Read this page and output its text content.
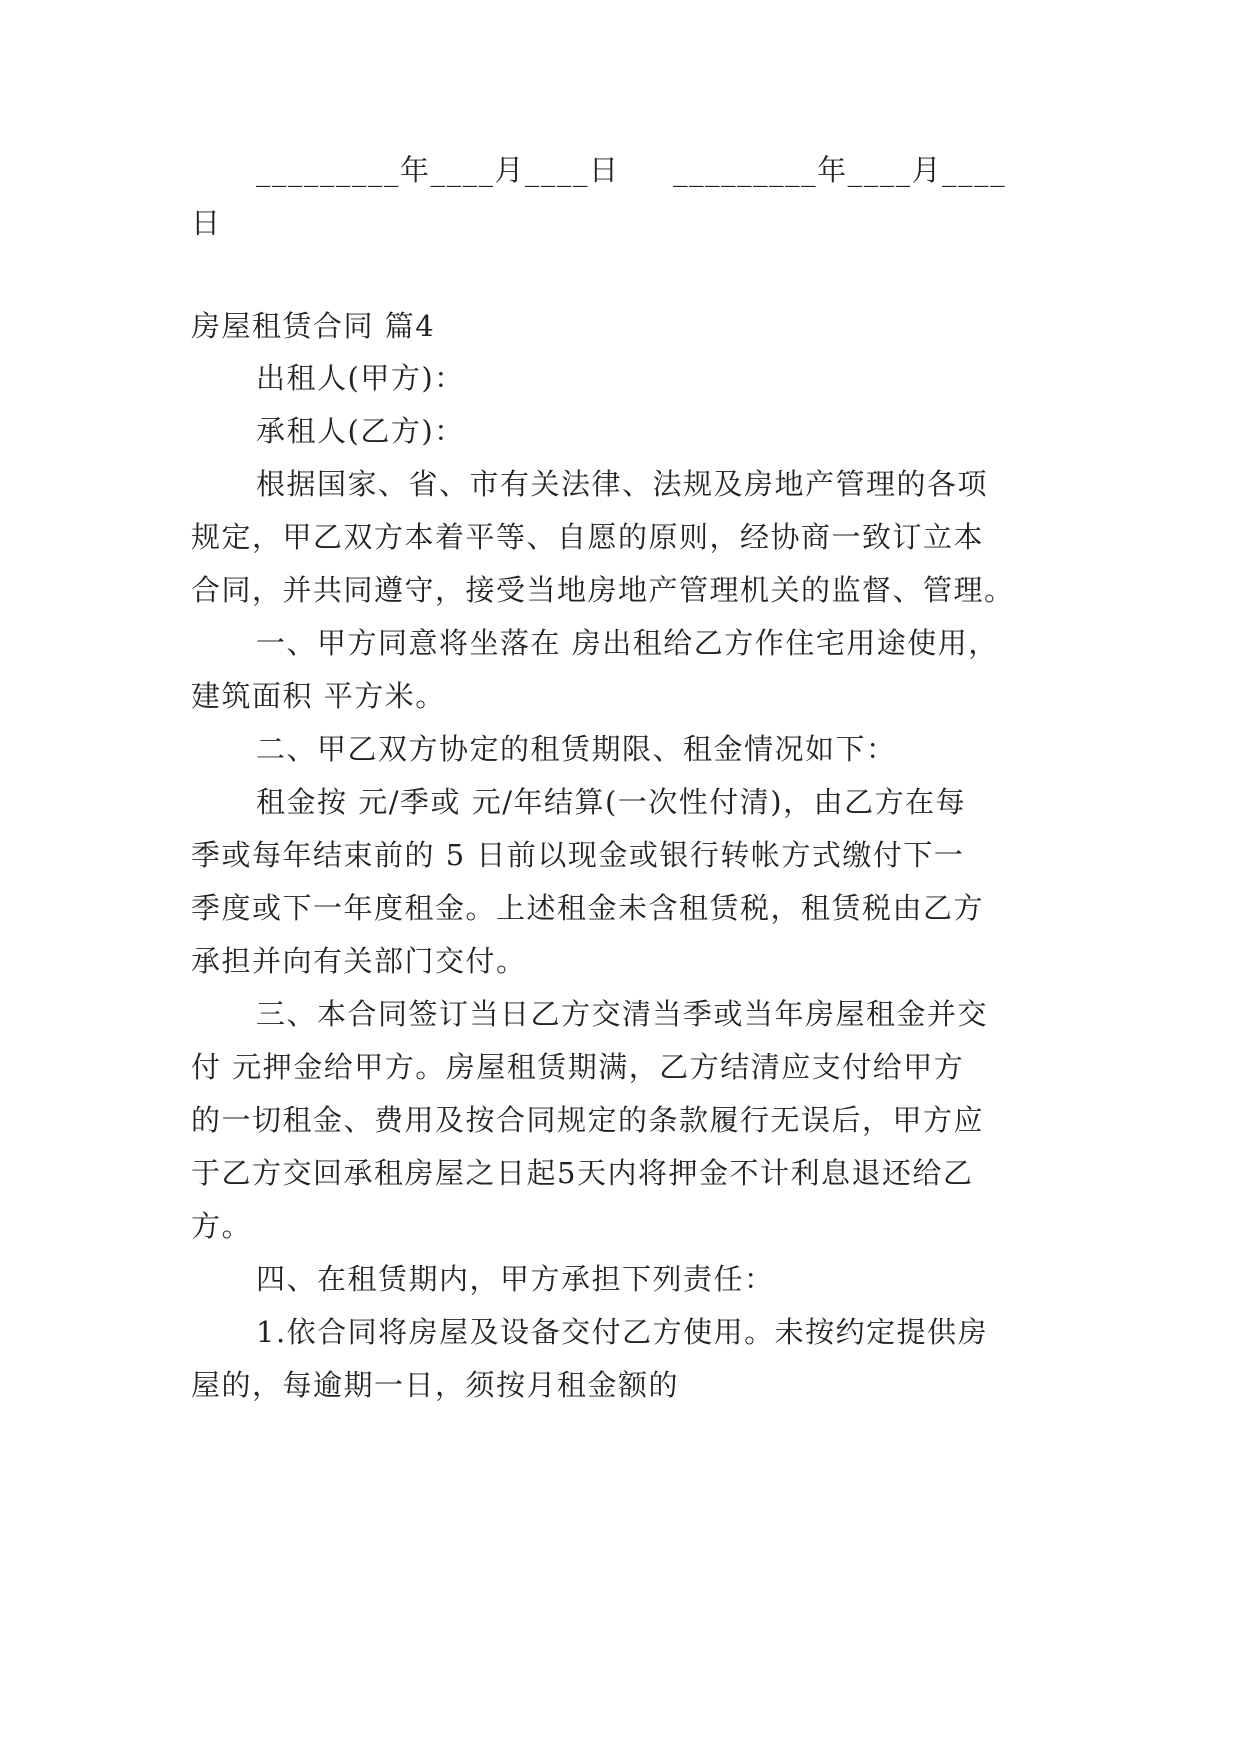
_________年____月____日     _________年____月____
日
房屋租赁合同 篇4
出租人(甲方)：
承租人(乙方)：
根据国家、省、市有关法律、法规及房地产管理的各项
规定，甲乙双方本着平等、自愿的原则，经协商一致订立本
合同，并共同遵守，接受当地房地产管理机关的监督、管理。
一、甲方同意将坐落在 房出租给乙方作住宅用途使用，
建筑面积 平方米。
二、甲乙双方协定的租赁期限、租金情况如下：
租金按 元/季或 元/年结算(一次性付清)，由乙方在每
季或每年结束前的 5 日前以现金或银行转帐方式缴付下一
季度或下一年度租金。上述租金未含租赁税，租赁税由乙方
承担并向有关部门交付。
三、本合同签订当日乙方交清当季或当年房屋租金并交
付 元押金给甲方。房屋租赁期满，乙方结清应支付给甲方
的一切租金、费用及按合同规定的条款履行无误后，甲方应
于乙方交回承租房屋之日起5天内将押金不计利息退还给乙
方。
四、在租赁期内，甲方承担下列责任：
1.依合同将房屋及设备交付乙方使用。未按约定提供房
屋的，每逾期一日，须按月租金额的
